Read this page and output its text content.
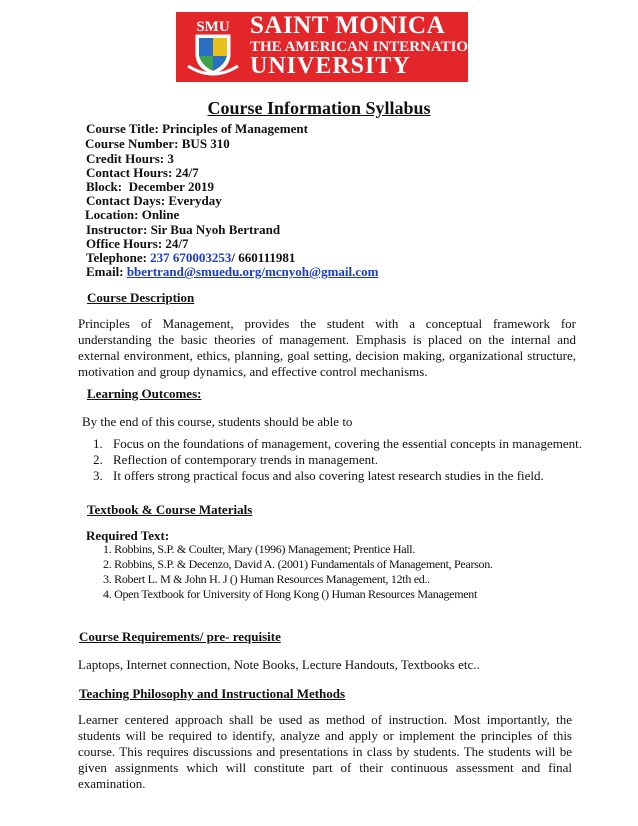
SMU SAINT MONICA
THE AMERICAN INTERNATIONAL
UNIVERSITY
Course Information Syllabus
Course Title: Principles of Management
Course Number: BUS 310
Credit Hours: 3
Contact Hours: 24/7
Block: December 2019
Contact Days: Everyday
Location: Online
Instructor: Sir Bua Nyoh Bertrand
Office Hours: 24/7
Telephone: 237 670003253/ 660111981
Email: bbertrand@smuedu.org/mcnyoh@gmail.com
Course Description
Principles of Management, provides the student with a conceptual framework for understanding the basic theories of management. Emphasis is placed on the internal and external environment, ethics, planning, goal setting, decision making, organizational structure, motivation and group dynamics, and effective control mechanisms.
Learning Outcomes:
By the end of this course, students should be able to
1. Focus on the foundations of management, covering the essential concepts in management.
2. Reflection of contemporary trends in management.
3. It offers strong practical focus and also covering latest research studies in the field.
Textbook & Course Materials
Required Text:
1. Robbins, S.P. & Coulter, Mary (1996) Management; Prentice Hall.
2. Robbins, S.P. & Decenzo, David A. (2001) Fundamentals of Management, Pearson.
3. Robert L. M & John H. J () Human Resources Management, 12th ed..
4. Open Textbook for University of Hong Kong () Human Resources Management
Course Requirements/ pre- requisite
Laptops, Internet connection, Note Books, Lecture Handouts, Textbooks etc..
Teaching Philosophy and Instructional Methods
Learner centered approach shall be used as method of instruction. Most importantly, the students will be required to identify, analyze and apply or implement the principles of this course. This requires discussions and presentations in class by students. The students will be given assignments which will constitute part of their continuous assessment and final examination.
